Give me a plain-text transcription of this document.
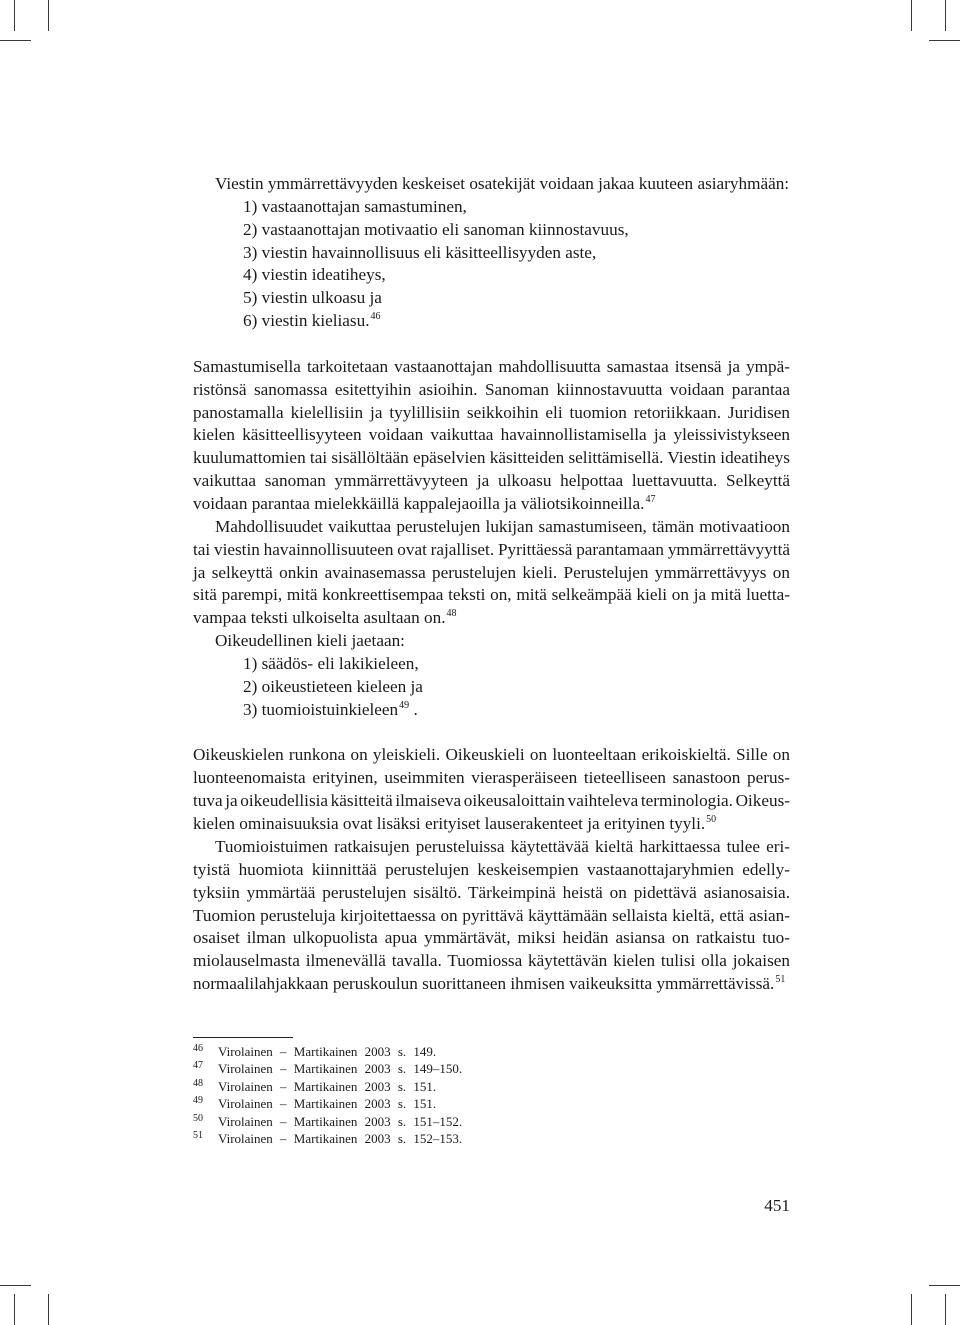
Viestin ymmärrettävyyden keskeiset osatekijät voidaan jakaa kuuteen asiaryhmään:
1) vastaanottajan samastuminen,
2) vastaanottajan motivaatio eli sanoman kiinnostavuus,
3) viestin havainnollisuus eli käsitteellisyyden aste,
4) viestin ideatiheys,
5) viestin ulkoasu ja
6) viestin kieliasu.$^{46}$
Samastumisella tarkoitetaan vastaanottajan mahdollisuutta samastaa itsensä ja ympä-
ristönsä sanomassa esitettyihin asioihin. Sanoman kiinnostavuutta voidaan parantaa
panostamalla kielellisiin ja tyylillisiin seikkoihin eli tuomion retoriikkaan. Juridisen
kielen käsitteellisyyteen voidaan vaikuttaa havainnollistamisella ja yleissivistykseen
kuulumattomien tai sisällöltään epäselvien käsitteiden selittämisellä. Viestin ideatiheys
vaikuttaa sanoman ymmärrettävyyteen ja ulkoasu helpottaa luettavuutta. Selkeyttä
voidaan parantaa mielekkäillä kappalejaoilla ja väliotsikoinneilla.$^{47}$
Mahdollisuudet vaikuttaa perustelujen lukijan samastumiseen, tämän motivaatioon
tai viestin havainnollisuuteen ovat rajalliset. Pyrittäessä parantamaan ymmärrettävyyttä
ja selkeyttä onkin avainasemassa perustelujen kieli. Perustelujen ymmärrettävyys on
sitä parempi, mitä konkreettisempaa teksti on, mitä selkeämpää kieli on ja mitä luetta-
vampaa teksti ulkoiselta asultaan on.$^{48}$
Oikeudellinen kieli jaetaan:
1) säädös- eli lakikieleen,
2) oikeustieteen kieleen ja
3) tuomioistuinkieleen$^{49}$ .
Oikeuskielen runkona on yleiskieli. Oikeuskieli on luonteeltaan erikoiskieltä. Sille on
luonteenomaista erityinen, useimmiten vierasperäiseen tieteelliseen sanastoon perus-
tuva ja oikeudellisia käsitteitä ilmaiseva oikeusaloittain vaihteleva terminologia. Oikeus-
kielen ominaisuuksia ovat lisäksi erityiset lauserakenteet ja erityinen tyyli.$^{50}$
Tuomioistuimen ratkaisujen perusteluissa käytettävää kieltä harkittaessa tulee eri-
tyistä huomiota kiinnittää perustelujen keskeisempien vastaanottajaryhmien edelly-
tyksiin ymmärtää perustelujen sisältö. Tärkeimpinä heistä on pidettävä asianosaisia.
Tuomion perusteluja kirjoitettaessa on pyrittävä käyttämään sellaista kieltä, että asian-
osaiset ilman ulkopuolista apua ymmärtävät, miksi heidän asiansa on ratkaistu tuo-
miolauselmasta ilmenevällä tavalla. Tuomiossa käytettävän kielen tulisi olla jokaisen
normaalilahjakkaan peruskoulun suorittaneen ihmisen vaikeuksitta ymmärrettävissä.$^{51}$
46 Virolainen – Martikainen 2003 s. 149.
47 Virolainen – Martikainen 2003 s. 149–150.
48 Virolainen – Martikainen 2003 s. 151.
49 Virolainen – Martikainen 2003 s. 151.
50 Virolainen – Martikainen 2003 s. 151–152.
51 Virolainen – Martikainen 2003 s. 152–153.
451
